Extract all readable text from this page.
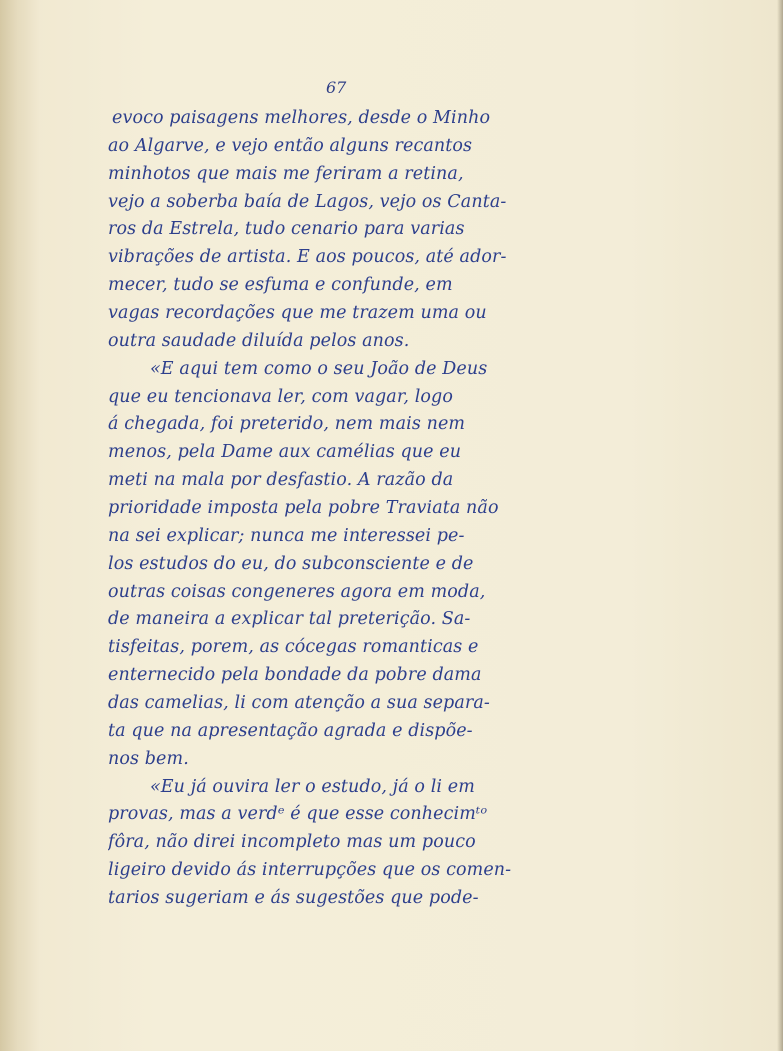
67
evoco paisagens melhores, desde o Minho
ao Algarve, e vejo então alguns recantos
minhotos que mais me feriram a retina,
vejo a soberba baía de Lagos, vejo os Canta-
ros da Estrela, tudo cenario para varias
vibrações de artista. E aos poucos, até ador-
mecer, tudo se esfuma e confunde, em
vagas recordações que me trazem uma ou
outra saudade diluída pelos anos.
«E aqui tem como o seu João de Deus
que eu tencionava ler, com vagar, logo
á chegada, foi preterido, nem mais nem
menos, pela Dame aux camélias que eu
meti na mala por desfastio. A razão da
prioridade imposta pela pobre Traviata não
na sei explicar; nunca me interessei pe-
los estudos do eu, do subconsciente e de
outras coisas congeneres agora em moda,
de maneira a explicar tal preterição. Sa-
tisfeitas, porem, as cócegas romanticas e
enternecido pela bondade da pobre dama
das camelias, li com atenção a sua separa-
ta que na apresentação agrada e dispõe-
nos bem.
«Eu já ouvira ler o estudo, já o li em
provas, mas a verdᵉ é que esse conhecimᵗᵒ
fôra, não direi incompleto mas um pouco
ligeiro devido ás interrupções que os comen-
tarios sugeriam e ás sugestões que pode-
